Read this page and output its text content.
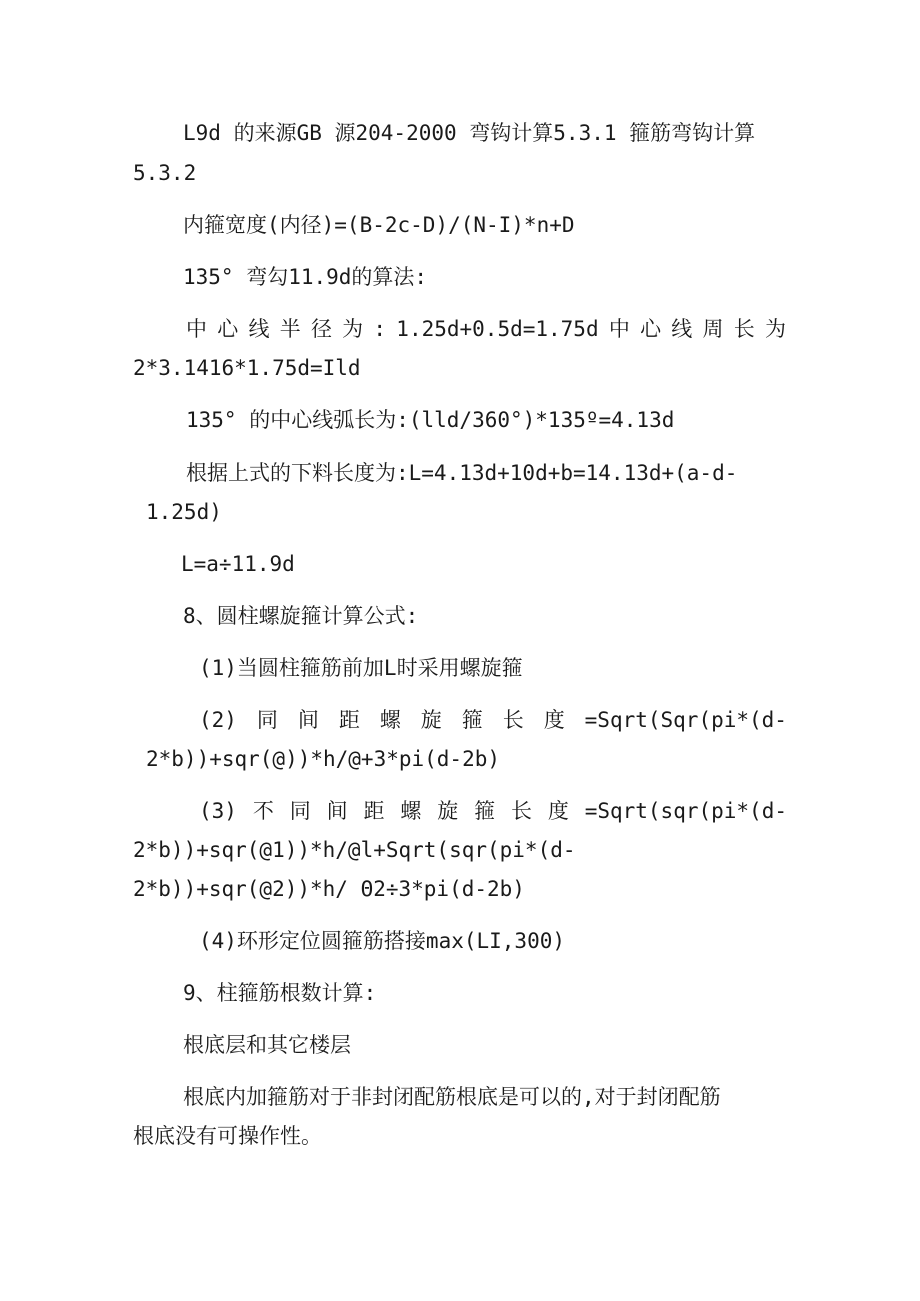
L9d 的来源GB 源204-2000 弯钩计算5.3.1 箍筋弯钩计算

5.3.2

内箍宽度(内径)=(B-2c-D)/(N-I)*n+D

135° 弯勾11.9d的算法:

中 心 线 半 径 为 : 1.25d+0.5d=1.75d 中 心 线 周 长 为

2*3.1416*1.75d=Ild

135° 的中心线弧长为:(lld/360°)*135º=4.13d

根据上式的下料长度为:L=4.13d+10d+b=14.13d+(a-d-

1.25d)

L=a÷11.9d

8、圆柱螺旋箍计算公式:

(1)当圆柱箍筋前加L时采用螺旋箍

(2) 同 间 距 螺 旋 箍 长 度 =Sqrt(Sqr(pi*(d-

2*b))+sqr(@))*h/@+3*pi(d-2b)

(3) 不 同 间 距 螺 旋 箍 长 度 =Sqrt(sqr(pi*(d-

2*b))+sqr(@1))*h/@l+Sqrt(sqr(pi*(d-

2*b))+sqr(@2))*h/ Θ2÷3*pi(d-2b)

(4)环形定位圆箍筋搭接max(LI,300)

9、柱箍筋根数计算:

根底层和其它楼层

根底内加箍筋对于非封闭配筋根底是可以的,对于封闭配筋

根底没有可操作性。
